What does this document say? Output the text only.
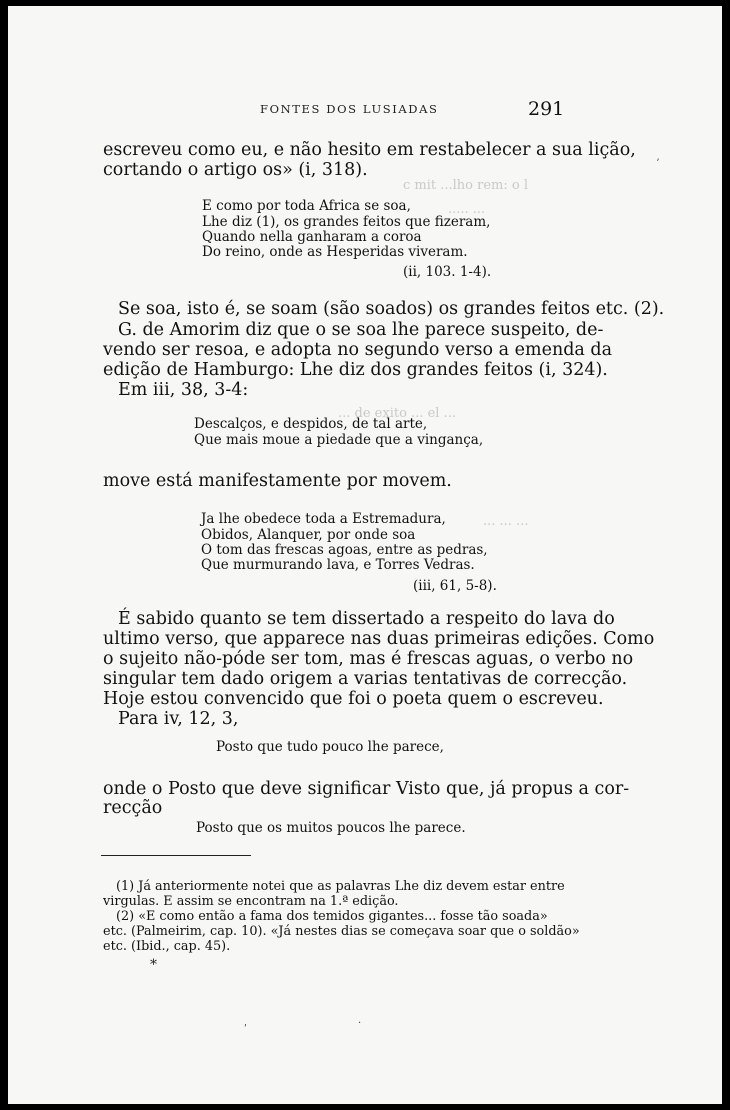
c mit ...lho rem: o l
..... ...
... de exito ... el ...
... ... ...
FONTES DOS LUSIADAS	291
escreveu como eu, e não hesito em restabelecer a sua lição,
cortando o artigo os» (i, 318).
E como por toda Africa se soa,
Lhe diz (1), os grandes feitos que fizeram,
Quando nella ganharam a coroa
Do reino, onde as Hesperidas viveram.
(ii, 103. 1-4).
Se soa, isto é, se soam (são soados) os grandes feitos etc. (2).
G. de Amorim diz que o se soa lhe parece suspeito, de-
vendo ser resoa, e adopta no segundo verso a emenda da
edição de Hamburgo: Lhe diz dos grandes feitos (i, 324).
Em iii, 38, 3-4:
Descalços, e despidos, de tal arte,
Que mais moue a piedade que a vingança,
move está manifestamente por movem.
Ja lhe obedece toda a Estremadura,
Obidos, Alanquer, por onde soa
O tom das frescas agoas, entre as pedras,
Que murmurando lava, e Torres Vedras.
(iii, 61, 5-8).
É sabido quanto se tem dissertado a respeito do lava do
ultimo verso, que apparece nas duas primeiras edições. Como
o sujeito não-póde ser tom, mas é frescas aguas, o verbo no
singular tem dado origem a varias tentativas de correcção.
Hoje estou convencido que foi o poeta quem o escreveu.
Para iv, 12, 3,
Posto que tudo pouco lhe parece,
onde o Posto que deve significar Visto que, já propus a cor-
recção
Posto que os muitos poucos lhe parece.
(1) Já anteriormente notei que as palavras Lhe diz devem estar entre
virgulas. E assim se encontram na 1.ª edição.
(2) «E como então a fama dos temidos gigantes... fosse tão soada»
etc. (Palmeirim, cap. 10). «Já nestes dias se começava soar que o soldão»
etc. (Ibid., cap. 45).
*
ʼ
·
ʹ
